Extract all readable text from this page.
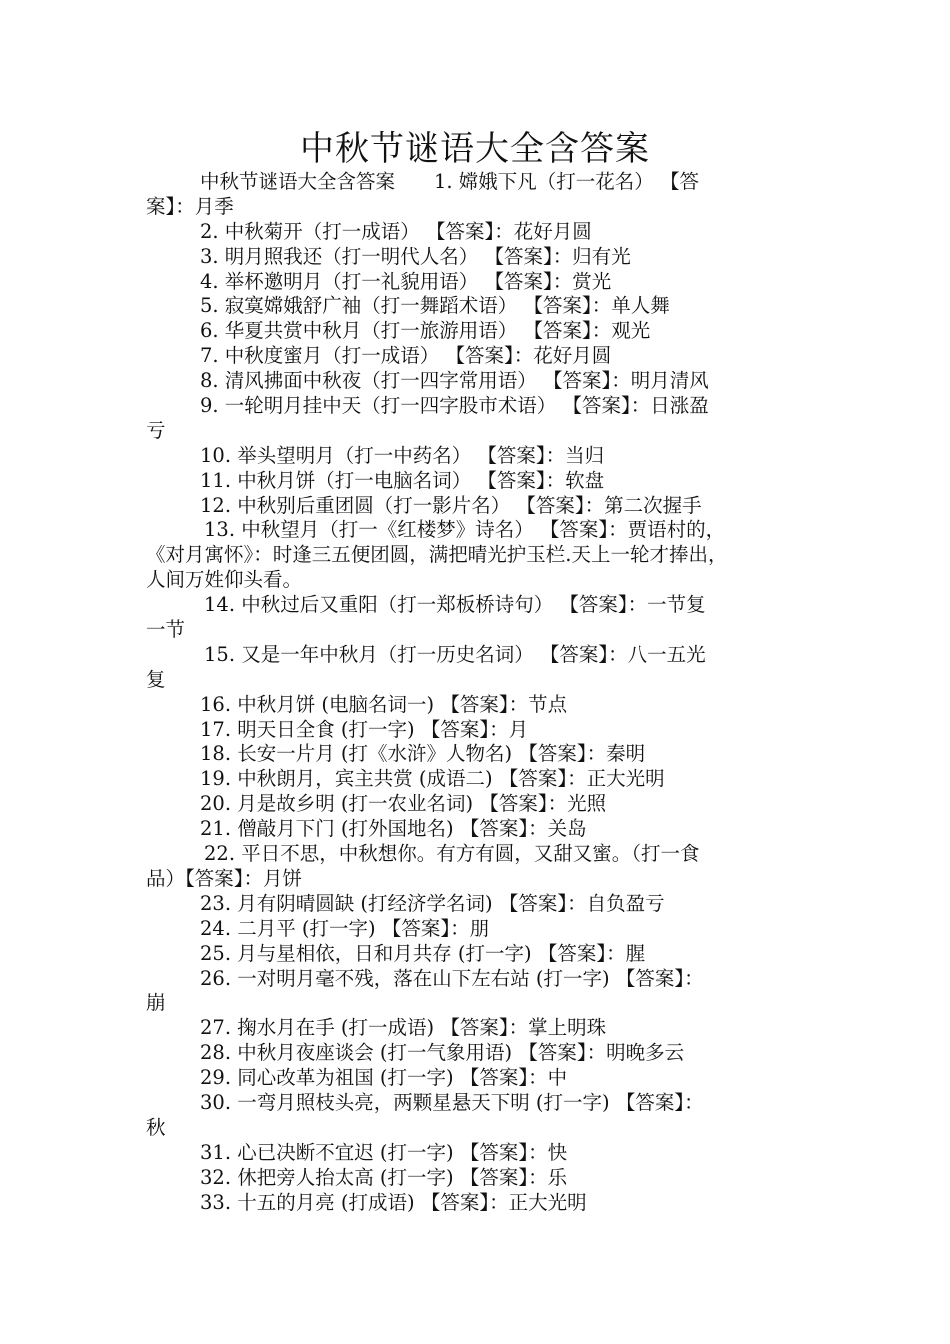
中秋节谜语大全含答案
中秋节谜语大全含答案　　1. 嫦娥下凡（打一花名） 【答
案】：月季
2. 中秋菊开（打一成语） 【答案】：花好月圆
3. 明月照我还（打一明代人名） 【答案】：归有光
4. 举杯邀明月（打一礼貌用语） 【答案】：赏光
5. 寂寞嫦娥舒广袖（打一舞蹈术语） 【答案】：单人舞
6. 华夏共赏中秋月（打一旅游用语） 【答案】：观光
7. 中秋度蜜月（打一成语） 【答案】：花好月圆
8. 清风拂面中秋夜（打一四字常用语） 【答案】：明月清风
9. 一轮明月挂中天（打一四字股市术语） 【答案】：日涨盈
亏
10. 举头望明月（打一中药名） 【答案】：当归
11. 中秋月饼（打一电脑名词） 【答案】：软盘
12. 中秋别后重团圆（打一影片名） 【答案】：第二次握手
13. 中秋望月（打一《红楼梦》诗名） 【答案】：贾语村的，
《对月寓怀》：时逢三五便团圆，满把晴光护玉栏.天上一轮才捧出，
人间万姓仰头看。
14. 中秋过后又重阳（打一郑板桥诗句） 【答案】：一节复
一节
15. 又是一年中秋月（打一历史名词） 【答案】：八一五光
复
16. 中秋月饼 (电脑名词一) 【答案】：节点
17. 明天日全食 (打一字) 【答案】：月
18. 长安一片月 (打《水浒》人物名) 【答案】：秦明
19. 中秋朗月，宾主共赏 (成语二) 【答案】：正大光明
20. 月是故乡明 (打一农业名词) 【答案】：光照
21. 僧敲月下门 (打外国地名) 【答案】：关岛
22. 平日不思，中秋想你。有方有圆，又甜又蜜。（打一食
品）【答案】：月饼
23. 月有阴晴圆缺 (打经济学名词) 【答案】：自负盈亏
24. 二月平 (打一字) 【答案】：朋
25. 月与星相依，日和月共存 (打一字) 【答案】：腥
26. 一对明月毫不残，落在山下左右站 (打一字) 【答案】：
崩
27. 掬水月在手 (打一成语) 【答案】：掌上明珠
28. 中秋月夜座谈会 (打一气象用语) 【答案】：明晚多云
29. 同心改革为祖国 (打一字) 【答案】：中
30. 一弯月照枝头亮，两颗星悬天下明 (打一字) 【答案】：
秋
31. 心已决断不宜迟 (打一字) 【答案】：快
32. 休把旁人抬太高 (打一字) 【答案】：乐
33. 十五的月亮 (打成语) 【答案】：正大光明
